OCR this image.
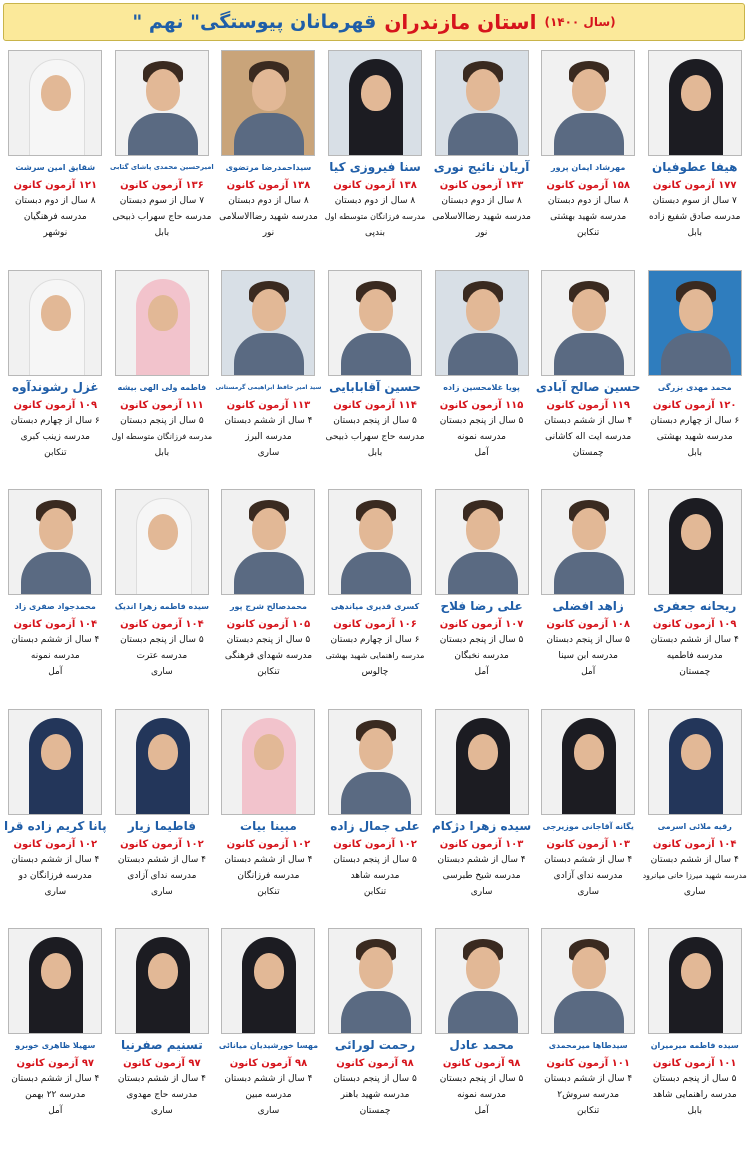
قهرمانان پیوستگی" نهم " استان مازندران (سال ۱۴۰۰)
هیفا عطوفیان
۱۷۷ آزمون کانون
۷ سال از سوم دبستان
مدرسه صادق شفیع زاده
بابل
مهرشاد ایمان پرور
۱۵۸ آزمون کانون
۸ سال از دوم دبستان
مدرسه شهید بهشتی
تنکابن
آریان نائیج نوری
۱۴۳ آزمون کانون
۸ سال از دوم دبستان
مدرسه شهید رضاالاسلامی
نور
سنا فیروزی کیا
۱۳۸ آزمون کانون
۸ سال از دوم دبستان
مدرسه فرزانگان متوسطه اول
بندپی
سیداحمدرضا مرتضوی
۱۳۸ آزمون کانون
۸ سال از دوم دبستان
مدرسه شهید رضاالاسلامی
نور
امیرحسین محمدی پاشای گتابی
۱۳۶ آزمون کانون
۷ سال از سوم دبستان
مدرسه حاج سهراب ذبیحی
بابل
شقایق امین سرشت
۱۲۱ آزمون کانون
۸ سال از دوم دبستان
مدرسه فرهنگیان
نوشهر
محمد مهدی بزرگی
۱۲۰ آزمون کانون
۶ سال از چهارم دبستان
مدرسه شهید بهشتی
بابل
حسین صالح آبادی
۱۱۹ آزمون کانون
۴ سال از ششم دبستان
مدرسه ایت اله کاشانی
چمستان
پویا غلامحسین زاده
۱۱۵ آزمون کانون
۵ سال از پنجم دبستان
مدرسه نمونه
آمل
حسین آقابابایی
۱۱۴ آزمون کانون
۵ سال از پنجم دبستان
مدرسه حاج سهراب ذبیحی
بابل
سید امیر حافظ ابراهیمی گرمستانی
۱۱۳ آزمون کانون
۴ سال از ششم دبستان
مدرسه البرز
ساری
فاطمه ولی الهی بیشه
۱۱۱ آزمون کانون
۵ سال از پنجم دبستان
مدرسه فرزانگان متوسطه اول
بابل
غزل رشوندآوه
۱۰۹ آزمون کانون
۶ سال از چهارم دبستان
مدرسه زینب کبری
تنکابن
ریحانه جعفری
۱۰۹ آزمون کانون
۴ سال از ششم دبستان
مدرسه فاطمیه
چمستان
زاهد افضلی
۱۰۸ آزمون کانون
۵ سال از پنجم دبستان
مدرسه ابن سینا
آمل
علی رضا فلاح
۱۰۷ آزمون کانون
۵ سال از پنجم دبستان
مدرسه نخبگان
آمل
کسری قدیری میاندهی
۱۰۶ آزمون کانون
۶ سال از چهارم دبستان
مدرسه راهنمایی شهید بهشتی
چالوس
محمدصالح شرج پور
۱۰۵ آزمون کانون
۵ سال از پنجم دبستان
مدرسه شهدای فرهنگی
تنکابن
سیده فاطمه زهرا اندیک
۱۰۴ آزمون کانون
۵ سال از پنجم دبستان
مدرسه عترت
ساری
محمدجواد صفری زاد
۱۰۴ آزمون کانون
۴ سال از ششم دبستان
مدرسه نمونه
آمل
رقیه ملائی اسرمی
۱۰۴ آزمون کانون
۴ سال از ششم دبستان
مدرسه شهید میرزا خانی میانرود
ساری
یگانه آقاجانی موزیرجی
۱۰۳ آزمون کانون
۴ سال از ششم دبستان
مدرسه ندای آزادی
ساری
سیده زهرا دژکام
۱۰۳ آزمون کانون
۴ سال از ششم دبستان
مدرسه شیخ طبرسی
ساری
علی جمال زاده
۱۰۲ آزمون کانون
۵ سال از پنجم دبستان
مدرسه شاهد
تنکابن
مبینا بیات
۱۰۲ آزمون کانون
۴ سال از ششم دبستان
مدرسه فرزانگان
تنکابن
فاطیما زیار
۱۰۲ آزمون کانون
۴ سال از ششم دبستان
مدرسه ندای آزادی
ساری
پانا کریم زاده قرا
۱۰۲ آزمون کانون
۴ سال از ششم دبستان
مدرسه فرزانگان دو
ساری
سیده فاطمه میرمیران
۱۰۱ آزمون کانون
۵ سال از پنجم دبستان
مدرسه راهنمایی شاهد
بابل
سیدطاها میرمحمدی
۱۰۱ آزمون کانون
۴ سال از ششم دبستان
مدرسه سروش۲
تنکابن
محمد عادل
۹۸ آزمون کانون
۵ سال از پنجم دبستان
مدرسه نمونه
آمل
رحمت لورائی
۹۸ آزمون کانون
۵ سال از پنجم دبستان
مدرسه شهید باهنر
چمستان
مهسا خورشیدیان میانائی
۹۸ آزمون کانون
۴ سال از ششم دبستان
مدرسه مبین
ساری
تسنیم صفرنیا
۹۷ آزمون کانون
۴ سال از ششم دبستان
مدرسه حاج مهدوی
ساری
سهیلا ظاهری خوبرو
۹۷ آزمون کانون
۴ سال از ششم دبستان
مدرسه ۲۲ بهمن
آمل
